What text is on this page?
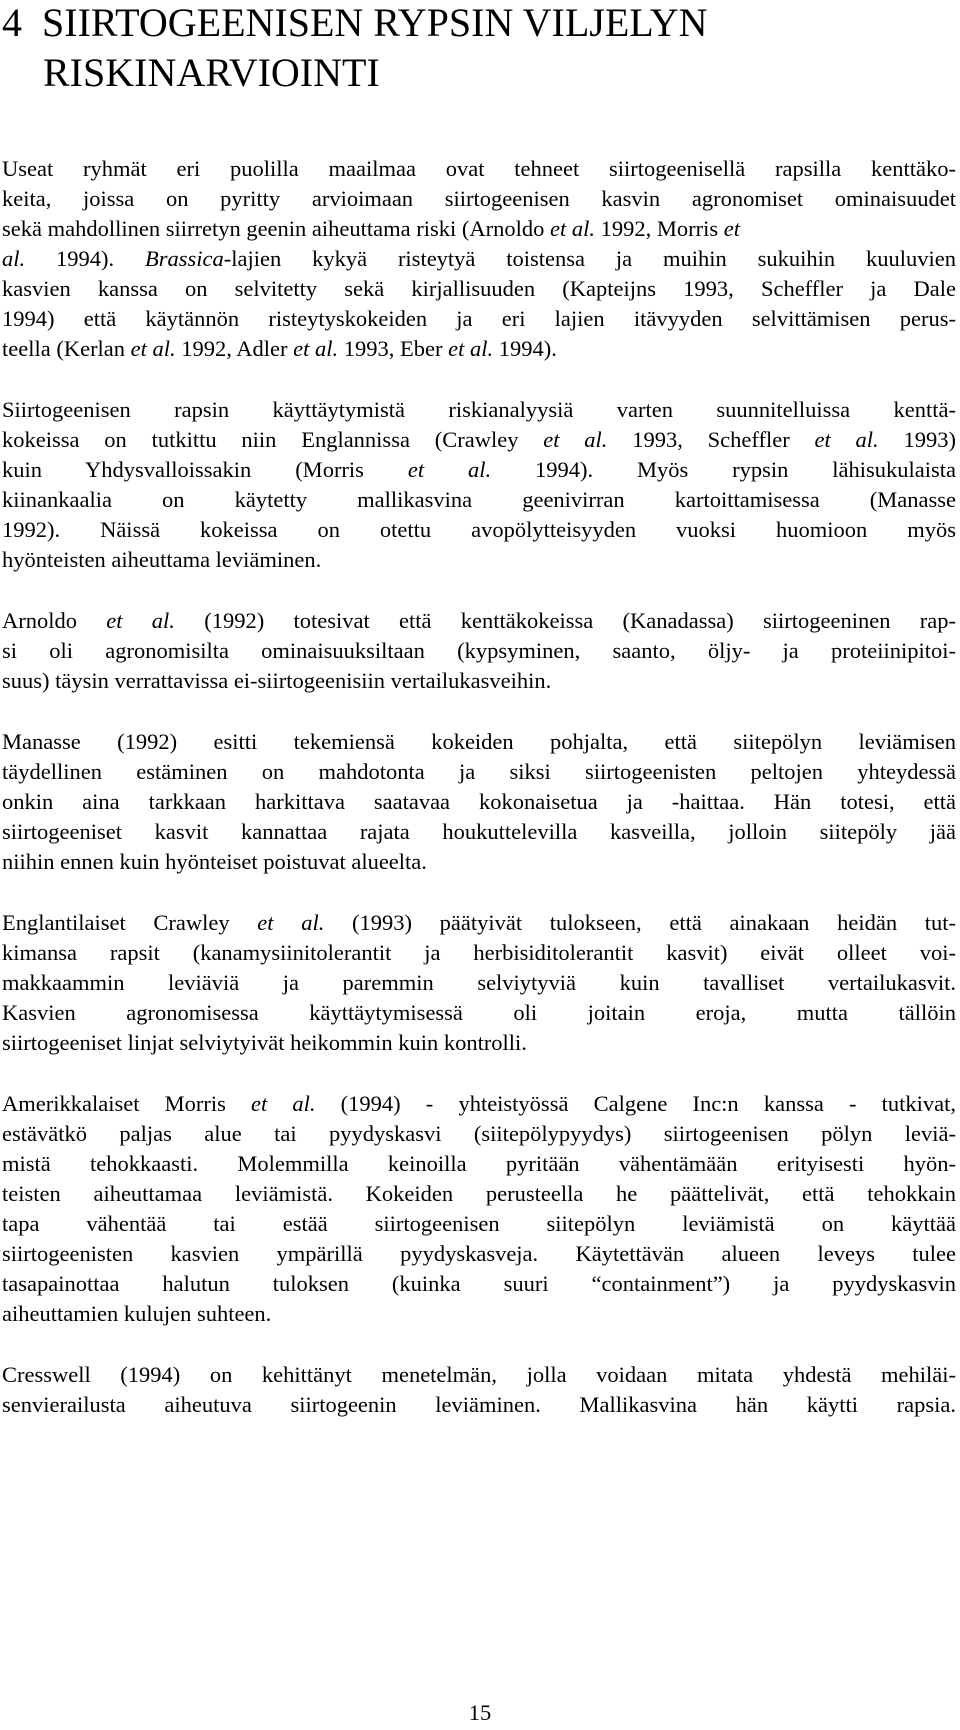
4 SIIRTOGEENISEN RYPSIN VILJELYN
RISKINARVIOINTI
Useat ryhmät eri puolilla maailmaa ovat tehneet siirtogeenisellä rapsilla kenttäko-
keita, joissa on pyritty arvioimaan siirtogeenisen kasvin agronomiset ominaisuudet
sekä mahdollinen siirretyn geenin aiheuttama riski (Arnoldo et al. 1992, Morris et
al. 1994). Brassica-lajien kykyä risteytyä toistensa ja muihin sukuihin kuuluvien
kasvien kanssa on selvitetty sekä kirjallisuuden (Kapteijns 1993, Scheffler ja Dale
1994) että käytännön risteytyskokeiden ja eri lajien itävyyden selvittämisen perus-
teella (Kerlan et al. 1992, Adler et al. 1993, Eber et al. 1994).
Siirtogeenisen rapsin käyttäytymistä riskianalyysiä varten suunnitelluissa kenttä-
kokeissa on tutkittu niin Englannissa (Crawley et al. 1993, Scheffler et al. 1993)
kuin Yhdysvalloissakin (Morris et al. 1994). Myös rypsin lähisukulaista
kiinankaalia on käytetty mallikasvina geenivirran kartoittamisessa (Manasse
1992). Näissä kokeissa on otettu avopölytteisyyden vuoksi huomioon myös
hyönteisten aiheuttama leviäminen.
Arnoldo et al. (1992) totesivat että kenttäkokeissa (Kanadassa) siirtogeeninen rap-
si oli agronomisilta ominaisuuksiltaan (kypsyminen, saanto, öljy- ja proteiinipitoi-
suus) täysin verrattavissa ei-siirtogeenisiin vertailukasveihin.
Manasse (1992) esitti tekemiensä kokeiden pohjalta, että siitepölyn leviämisen
täydellinen estäminen on mahdotonta ja siksi siirtogeenisten peltojen yhteydessä
onkin aina tarkkaan harkittava saatavaa kokonaisetua ja -haittaa. Hän totesi, että
siirtogeeniset kasvit kannattaa rajata houkuttelevilla kasveilla, jolloin siitepöly jää
niihin ennen kuin hyönteiset poistuvat alueelta.
Englantilaiset Crawley et al. (1993) päätyivät tulokseen, että ainakaan heidän tut-
kimansa rapsit (kanamysiinitolerantit ja herbisiditolerantit kasvit) eivät olleet voi-
makkaammin leviäviä ja paremmin selviytyviä kuin tavalliset vertailukasvit.
Kasvien agronomisessa käyttäytymisessä oli joitain eroja, mutta tällöin
siirtogeeniset linjat selviytyivät heikommin kuin kontrolli.
Amerikkalaiset Morris et al. (1994) - yhteistyössä Calgene Inc:n kanssa - tutkivat,
estävätkö paljas alue tai pyydyskasvi (siitepölypyydys) siirtogeenisen pölyn leviä-
mistä tehokkaasti. Molemmilla keinoilla pyritään vähentämään erityisesti hyön-
teisten aiheuttamaa leviämistä. Kokeiden perusteella he päättelivät, että tehokkain
tapa vähentää tai estää siirtogeenisen siitepölyn leviämistä on käyttää
siirtogeenisten kasvien ympärillä pyydyskasveja. Käytettävän alueen leveys tulee
tasapainottaa halutun tuloksen (kuinka suuri “containment”) ja pyydyskasvin
aiheuttamien kulujen suhteen.
Cresswell (1994) on kehittänyt menetelmän, jolla voidaan mitata yhdestä mehiläi-
senvierailusta aiheutuva siirtogeenin leviäminen. Mallikasvina hän käytti rapsia.
15
